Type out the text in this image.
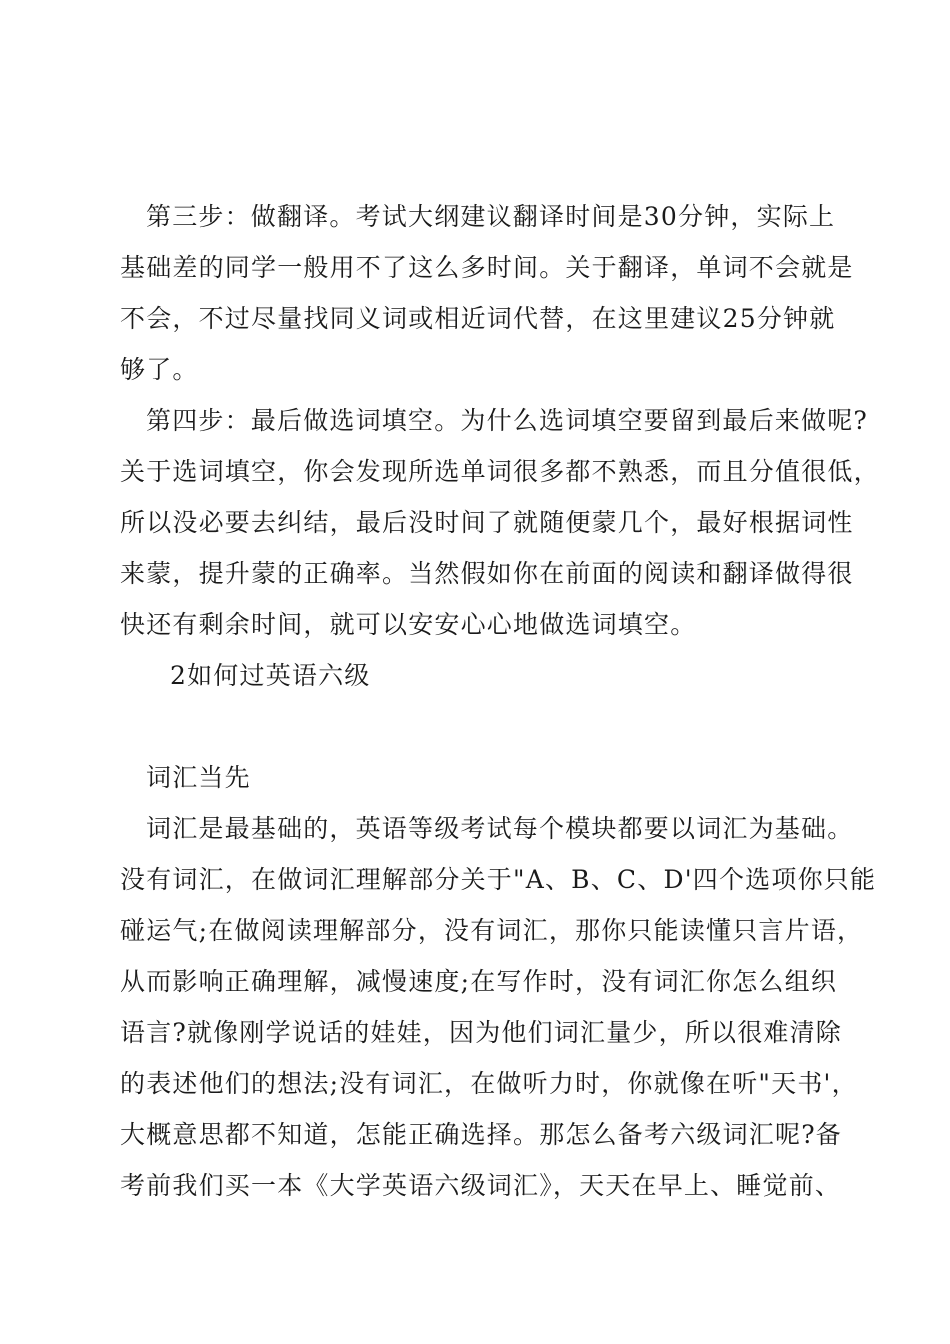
第三步：做翻译。考试大纲建议翻译时间是30分钟，实际上
基础差的同学一般用不了这么多时间。关于翻译，单词不会就是
不会，不过尽量找同义词或相近词代替，在这里建议25分钟就
够了。
第四步：最后做选词填空。为什么选词填空要留到最后来做呢?
关于选词填空，你会发现所选单词很多都不熟悉，而且分值很低，
所以没必要去纠结，最后没时间了就随便蒙几个，最好根据词性
来蒙，提升蒙的正确率。当然假如你在前面的阅读和翻译做得很
快还有剩余时间，就可以安安心心地做选词填空。
2如何过英语六级
词汇当先
词汇是最基础的，英语等级考试每个模块都要以词汇为基础。
没有词汇，在做词汇理解部分关于"A、B、C、D'四个选项你只能
碰运气;在做阅读理解部分，没有词汇，那你只能读懂只言片语，
从而影响正确理解，减慢速度;在写作时，没有词汇你怎么组织
语言?就像刚学说话的娃娃，因为他们词汇量少，所以很难清除
的表述他们的想法;没有词汇，在做听力时，你就像在听"天书'，
大概意思都不知道，怎能正确选择。那怎么备考六级词汇呢?备
考前我们买一本《大学英语六级词汇》，天天在早上、睡觉前、
